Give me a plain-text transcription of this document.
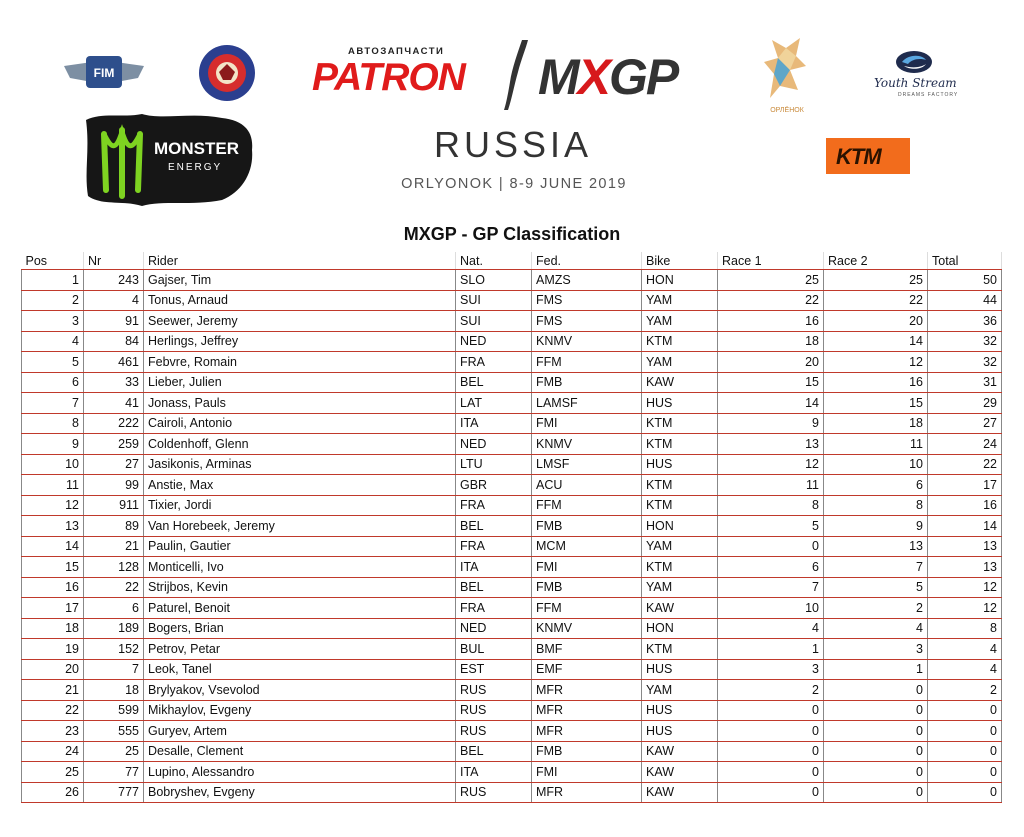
FIM
АВТОЗАПЧАСТИ
PATRON MXGP
ОРЛЁНОК
Youth Stream
DREAMS FACTORY
MONSTER
ENERGY
RUSSIA
ORLYONOK | 8-9 JUNE 2019
KTM
MXGP - GP Classification
Pos	Nr	Rider	Nat.	Fed.	Bike	Race 1	Race 2	Total
1	243	Gajser, Tim	SLO	AMZS	HON	25	25	50
2	4	Tonus, Arnaud	SUI	FMS	YAM	22	22	44
3	91	Seewer, Jeremy	SUI	FMS	YAM	16	20	36
4	84	Herlings, Jeffrey	NED	KNMV	KTM	18	14	32
5	461	Febvre, Romain	FRA	FFM	YAM	20	12	32
6	33	Lieber, Julien	BEL	FMB	KAW	15	16	31
7	41	Jonass, Pauls	LAT	LAMSF	HUS	14	15	29
8	222	Cairoli, Antonio	ITA	FMI	KTM	9	18	27
9	259	Coldenhoff, Glenn	NED	KNMV	KTM	13	11	24
10	27	Jasikonis, Arminas	LTU	LMSF	HUS	12	10	22
11	99	Anstie, Max	GBR	ACU	KTM	11	6	17
12	911	Tixier, Jordi	FRA	FFM	KTM	8	8	16
13	89	Van Horebeek, Jeremy	BEL	FMB	HON	5	9	14
14	21	Paulin, Gautier	FRA	MCM	YAM	0	13	13
15	128	Monticelli, Ivo	ITA	FMI	KTM	6	7	13
16	22	Strijbos, Kevin	BEL	FMB	YAM	7	5	12
17	6	Paturel, Benoit	FRA	FFM	KAW	10	2	12
18	189	Bogers, Brian	NED	KNMV	HON	4	4	8
19	152	Petrov, Petar	BUL	BMF	KTM	1	3	4
20	7	Leok, Tanel	EST	EMF	HUS	3	1	4
21	18	Brylyakov, Vsevolod	RUS	MFR	YAM	2	0	2
22	599	Mikhaylov, Evgeny	RUS	MFR	HUS	0	0	0
23	555	Guryev, Artem	RUS	MFR	HUS	0	0	0
24	25	Desalle, Clement	BEL	FMB	KAW	0	0	0
25	77	Lupino, Alessandro	ITA	FMI	KAW	0	0	0
26	777	Bobryshev, Evgeny	RUS	MFR	KAW	0	0	0
